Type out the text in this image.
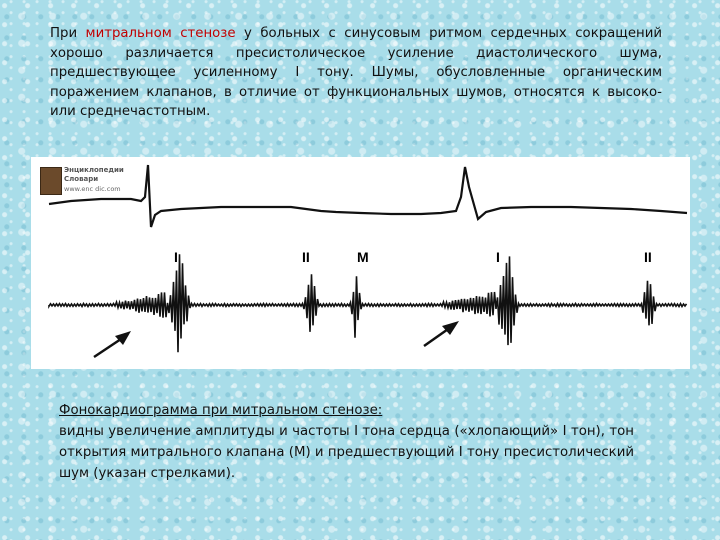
При митральном стенозе у больных с синусовым ритмом сердечных сокращений хорошо различается пресистолическое усиление диастолического шума, предшествующее усиленному I тону. Шумы, обусловленные органическим поражением клапанов, в отличие от функциональных шумов, относятся к высоко- или среднечастотным.
Энциклопедии
Словари
www.enc dic.com
I	II	M	I	II
Фонокардиограмма при митральном стенозе:
видны увеличение амплитуды и частоты I тона сердца («хлопающий» I тон), тон открытия митрального клапана (М) и предшествующий I тону пресистолический шум (указан стрелками).
